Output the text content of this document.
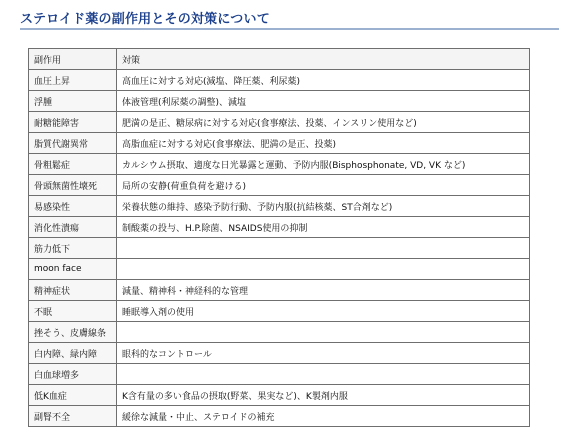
ステロイド薬の副作用とその対策について
副作用	対策
血圧上昇	高血圧に対する対応(減塩、降圧薬、利尿薬)
浮腫	体液管理(利尿薬の調整)、減塩
耐糖能障害	肥満の是正、糖尿病に対する対応(食事療法、投薬、インスリン使用など)
脂質代謝異常	高脂血症に対する対応(食事療法、肥満の是正、投薬)
骨粗鬆症	カルシウム摂取、適度な日光暴露と運動、予防内服(Bisphosphonate, VD, VK など)
骨頭無菌性壊死	局所の安静(荷重負荷を避ける)
易感染性	栄養状態の維持、感染予防行動、予防内服(抗結核薬、ST合剤など)
消化性潰瘍	制酸薬の投与、H.P.除菌、NSAIDS使用の抑制
筋力低下	
moon face	
精神症状	減量、精神科・神経科的な管理
不眠	睡眠導入剤の使用
挫そう、皮膚線条	
白内障、緑内障	眼科的なコントロール
白血球増多	
低K血症	K含有量の多い食品の摂取(野菜、果実など)、K製剤内服
副腎不全	緩徐な減量・中止、ステロイドの補充
